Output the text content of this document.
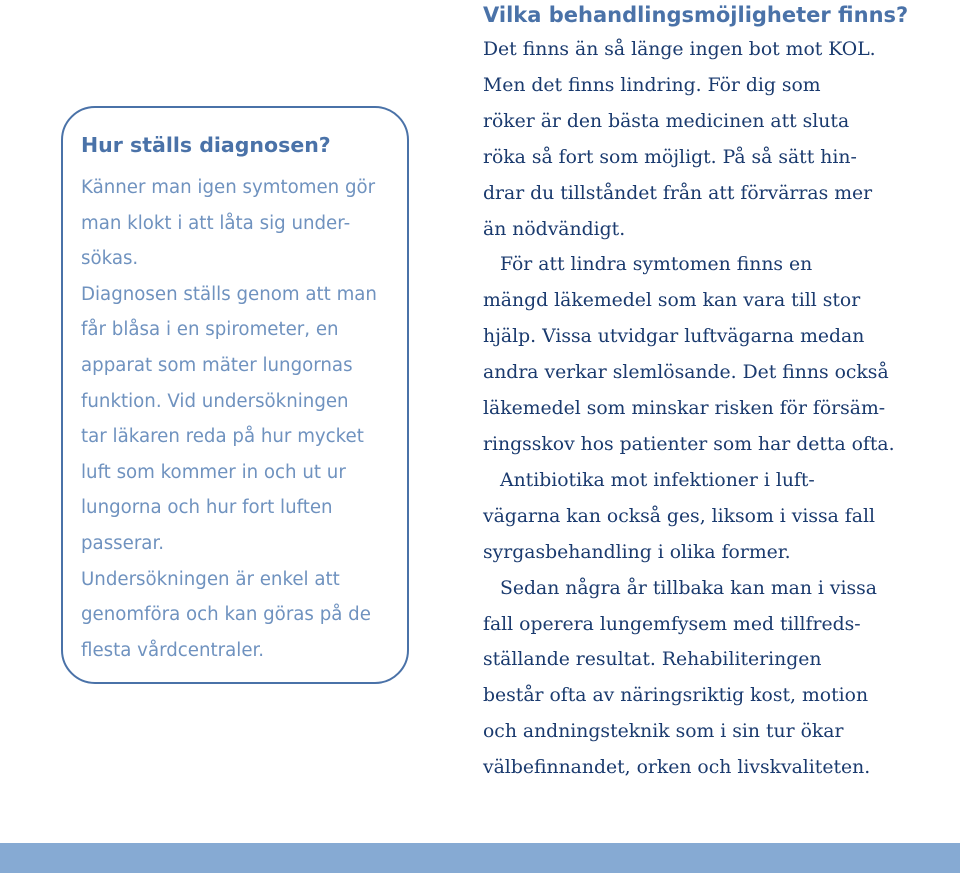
Hur ställs diagnosen?
Känner man igen symtomen gör
man klokt i att låta sig under-
sökas.
Diagnosen ställs genom att man
får blåsa i en spirometer, en
apparat som mäter lungornas
funktion. Vid undersökningen
tar läkaren reda på hur mycket
luft som kommer in och ut ur
lungorna och hur fort luften
passerar.
Undersökningen är enkel att
genomföra och kan göras på de
flesta vårdcentraler.
Vilka behandlingsmöjligheter finns?
Det finns än så länge ingen bot mot KOL.
Men det finns lindring. För dig som
röker är den bästa medicinen att sluta
röka så fort som möjligt. På så sätt hin-
drar du tillståndet från att förvärras mer
än nödvändigt.
För att lindra symtomen finns en
mängd läkemedel som kan vara till stor
hjälp. Vissa utvidgar luftvägarna medan
andra verkar slemlösande. Det finns också
läkemedel som minskar risken för försäm-
ringsskov hos patienter som har detta ofta.
Antibiotika mot infektioner i luft-
vägarna kan också ges, liksom i vissa fall
syrgasbehandling i olika former.
Sedan några år tillbaka kan man i vissa
fall operera lungemfysem med tillfreds-
ställande resultat. Rehabiliteringen
består ofta av näringsriktig kost, motion
och andningsteknik som i sin tur ökar
välbefinnandet, orken och livskvaliteten.
